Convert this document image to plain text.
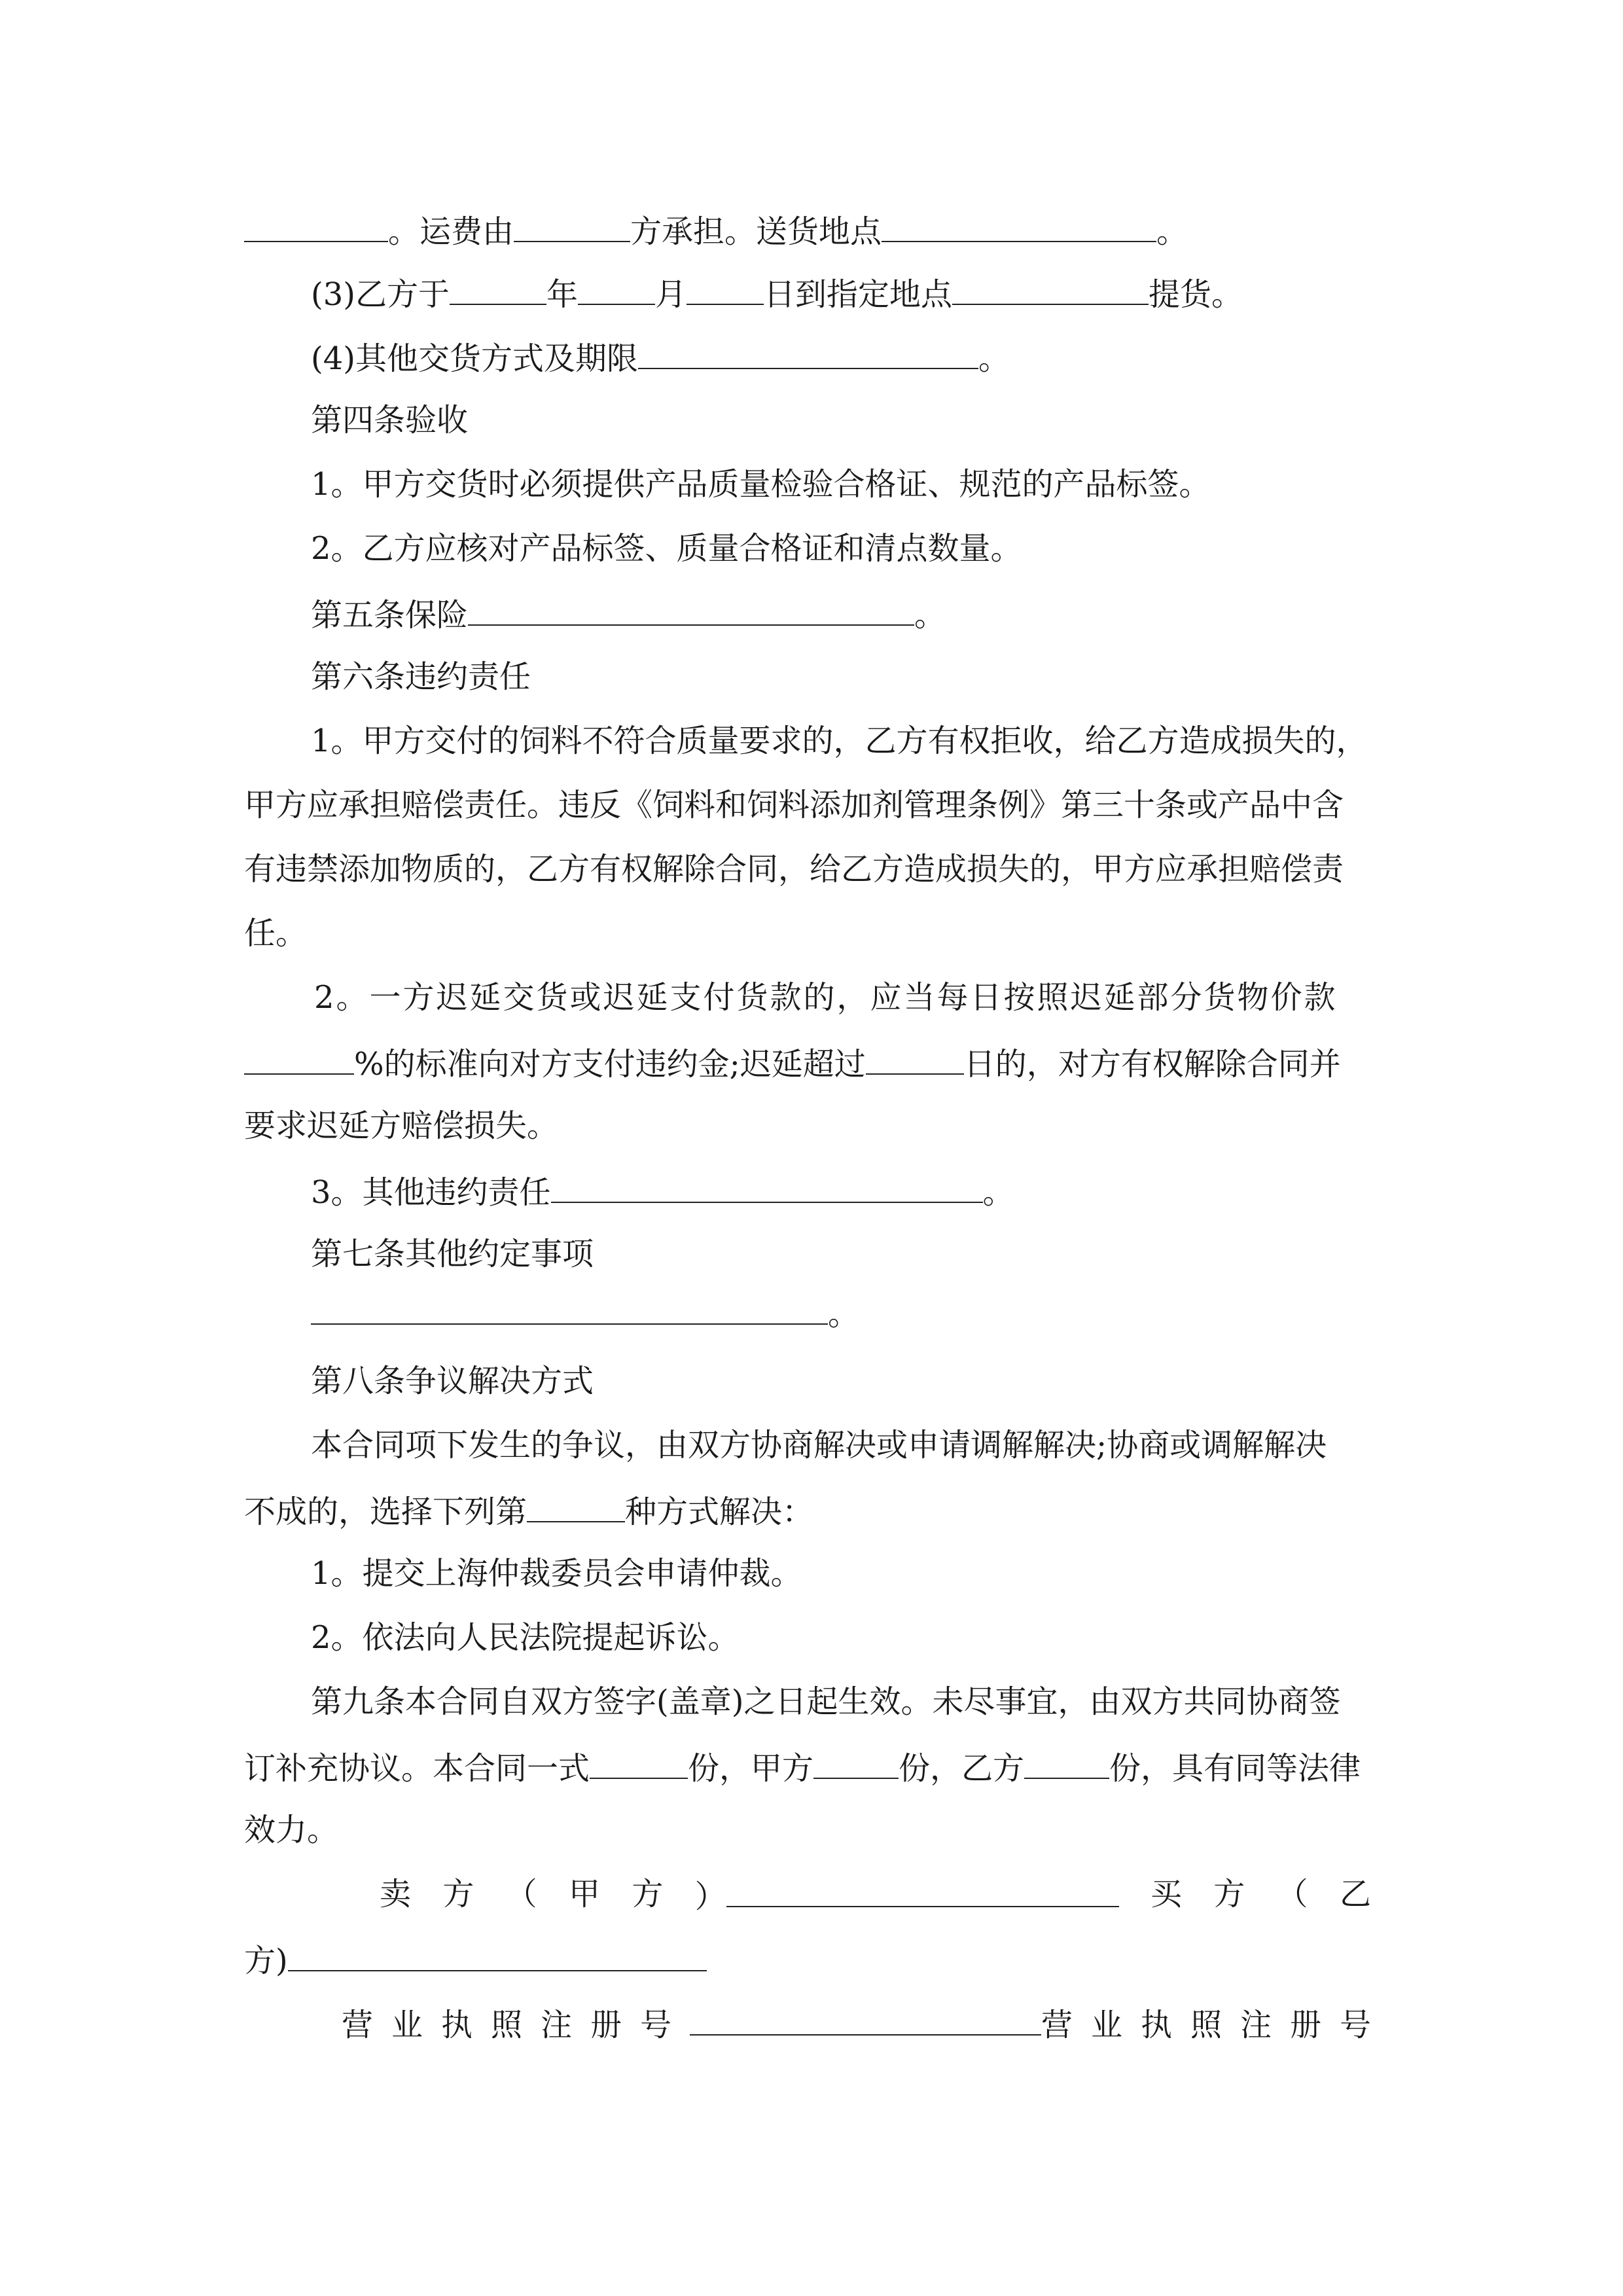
。运费由	方承担。送货地点	。
(3)乙方于	年 月 日到指定地点	提货。
(4)其他交货方式及期限	。
第四条验收
1。甲方交货时必须提供产品质量检验合格证、规范的产品标签。
2。乙方应核对产品标签、质量合格证和清点数量。
第五条保险	。
第六条违约责任
1。甲方交付的饲料不符合质量要求的，乙方有权拒收，给乙方造成损失的，
甲方应承担赔偿责任。违反《饲料和饲料添加剂管理条例》第三十条或产品中含
有违禁添加物质的，乙方有权解除合同，给乙方造成损失的，甲方应承担赔偿责
任。
2。一方迟延交货或迟延支付货款的，应当每日按照迟延部分货物价款
%的标准向对方支付违约金;迟延超过	日的，对方有权解除合同并
要求迟延方赔偿损失。
3。其他违约责任	。
第七条其他约定事项
。
第八条争议解决方式
本合同项下发生的争议，由双方协商解决或申请调解解决;协商或调解解决
不成的，选择下列第	种方式解决：
1。提交上海仲裁委员会申请仲裁。
2。依法向人民法院提起诉讼。
第九条本合同自双方签字(盖章)之日起生效。未尽事宜，由双方共同协商签
订补充协议。本合同一式	份，甲方	份，乙方	份，具有同等法律
效力。
卖 方 （ 甲 方 ）	买 方 （ 乙
方)
营业执照注册号	营业执照注册号
